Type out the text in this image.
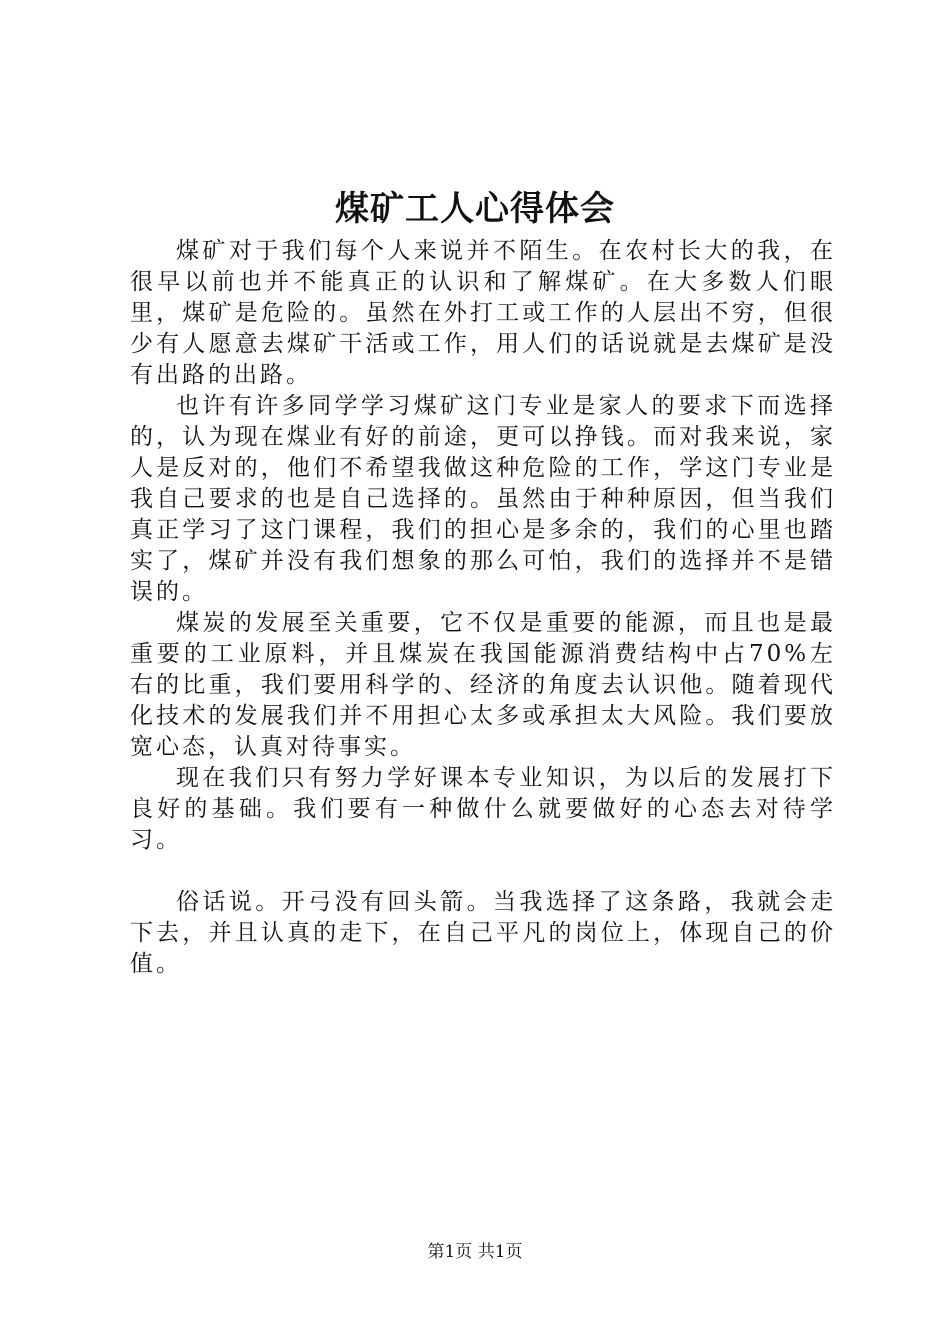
煤矿工人心得体会

煤矿对于我们每个人来说并不陌生。在农村长大的我，在很早以前也并不能真正的认识和了解煤矿。在大多数人们眼里，煤矿是危险的。虽然在外打工或工作的人层出不穷，但很少有人愿意去煤矿干活或工作，用人们的话说就是去煤矿是没有出路的出路。

也许有许多同学学习煤矿这门专业是家人的要求下而选择的，认为现在煤业有好的前途，更可以挣钱。而对我来说，家人是反对的，他们不希望我做这种危险的工作，学这门专业是我自己要求的也是自己选择的。虽然由于种种原因，但当我们真正学习了这门课程，我们的担心是多余的，我们的心里也踏实了，煤矿并没有我们想象的那么可怕，我们的选择并不是错误的。

煤炭的发展至关重要，它不仅是重要的能源，而且也是最重要的工业原料，并且煤炭在我国能源消费结构中占70%左右的比重，我们要用科学的、经济的角度去认识他。随着现代化技术的发展我们并不用担心太多或承担太大风险。我们要放宽心态，认真对待事实。

现在我们只有努力学好课本专业知识，为以后的发展打下良好的基础。我们要有一种做什么就要做好的心态去对待学习。

俗话说。开弓没有回头箭。当我选择了这条路，我就会走下去，并且认真的走下，在自己平凡的岗位上，体现自己的价值。

第1页 共1页
